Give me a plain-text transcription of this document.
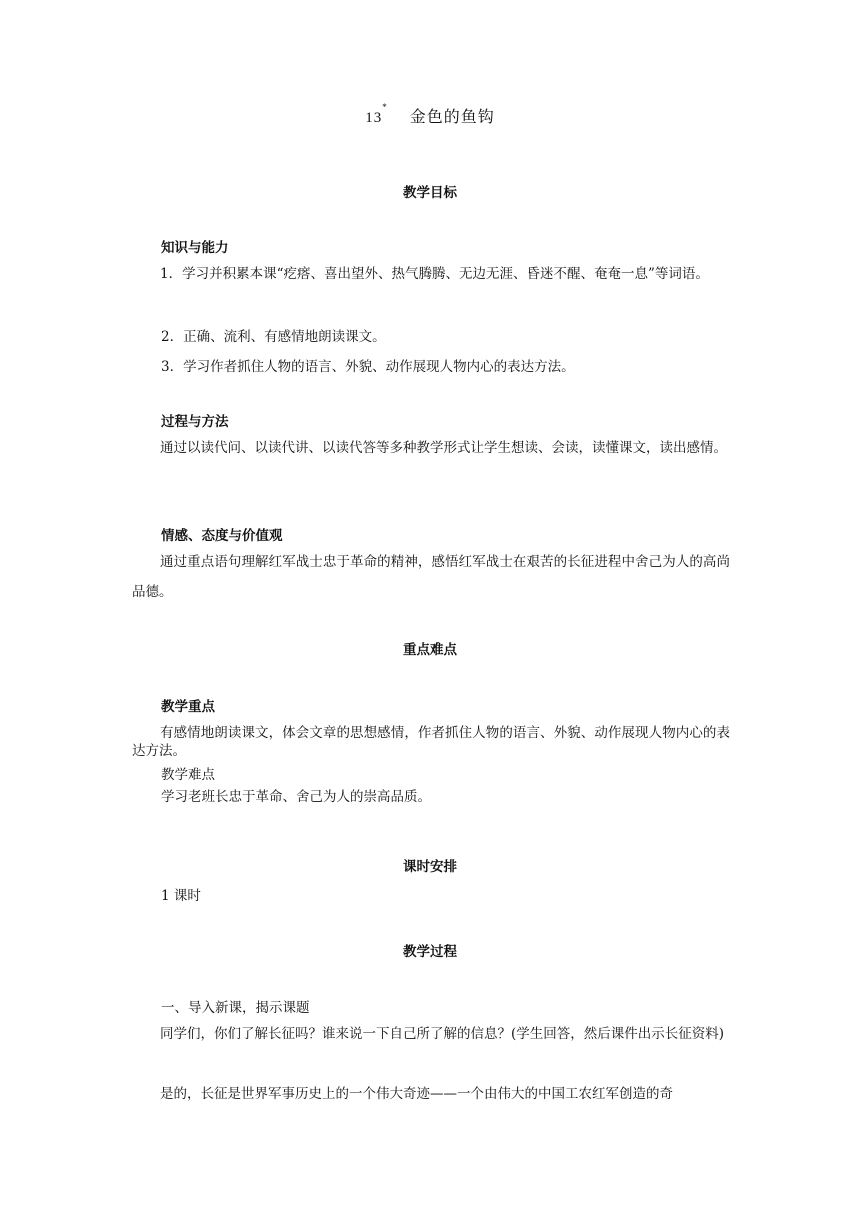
13* 金色的鱼钩
教学目标
知识与能力
1．学习并积累本课“疙瘩、喜出望外、热气腾腾、无边无涯、昏迷不醒、奄奄一息”等词语。
2．正确、流利、有感情地朗读课文。
3．学习作者抓住人物的语言、外貌、动作展现人物内心的表达方法。
过程与方法
通过以读代问、以读代讲、以读代答等多种教学形式让学生想读、会读，读懂课文，读出感情。
情感、态度与价值观
通过重点语句理解红军战士忠于革命的精神，感悟红军战士在艰苦的长征进程中舍己为人的高尚品德。
重点难点
教学重点
有感情地朗读课文，体会文章的思想感情，作者抓住人物的语言、外貌、动作展现人物内心的表达方法。
教学难点
学习老班长忠于革命、舍己为人的崇高品质。
课时安排
1 课时
教学过程
一、导入新课，揭示课题
同学们，你们了解长征吗？谁来说一下自己所了解的信息？(学生回答，然后课件出示长征资料)
是的，长征是世界军事历史上的一个伟大奇迹——一个由伟大的中国工农红军创造的奇
